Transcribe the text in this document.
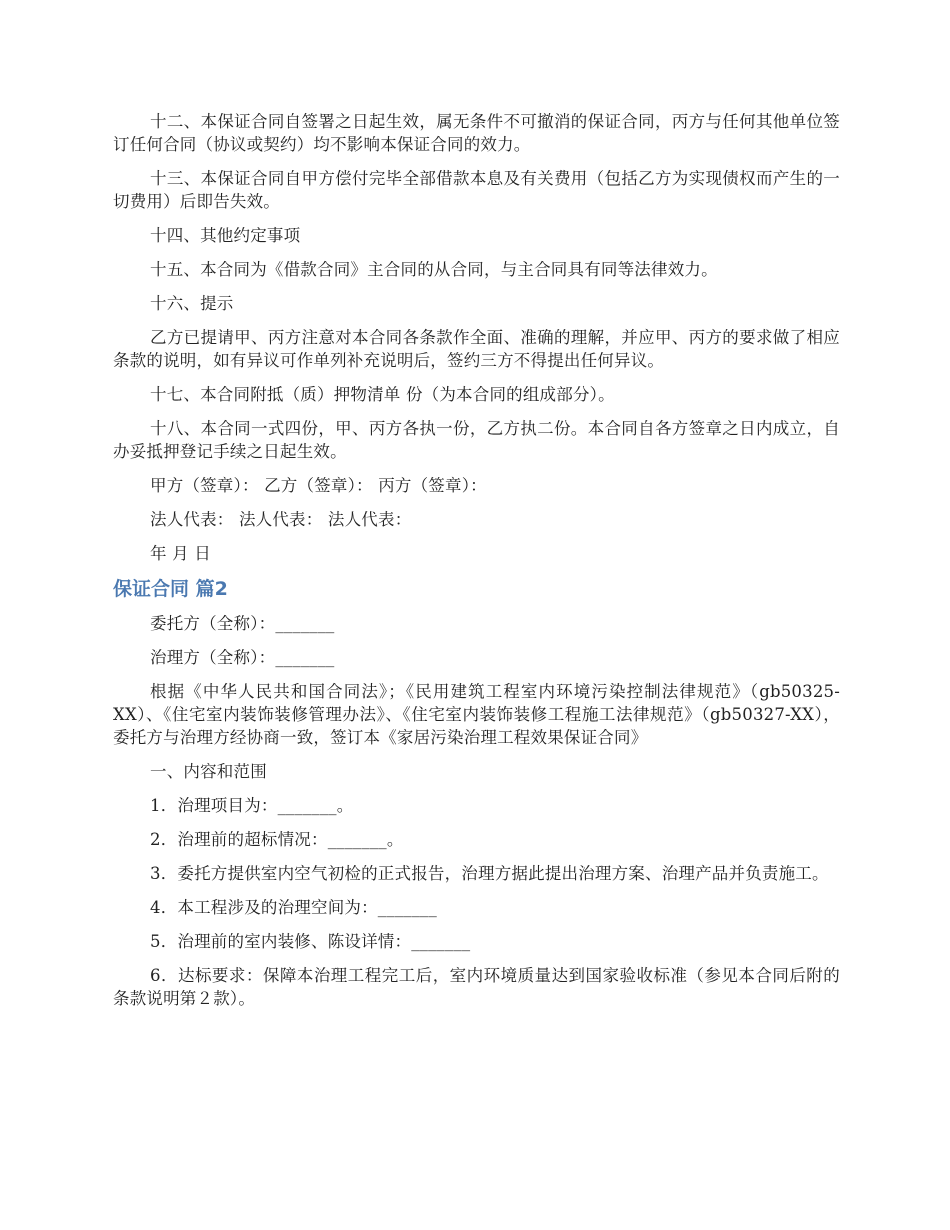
十二、本保证合同自签署之日起生效，属无条件不可撤消的保证合同，丙方与任何其他单位签订任何合同（协议或契约）均不影响本保证合同的效力。

十三、本保证合同自甲方偿付完毕全部借款本息及有关费用（包括乙方为实现债权而产生的一切费用）后即告失效。

十四、其他约定事项

十五、本合同为《借款合同》主合同的从合同，与主合同具有同等法律效力。

十六、提示

乙方已提请甲、丙方注意对本合同各条款作全面、准确的理解，并应甲、丙方的要求做了相应条款的说明，如有异议可作单列补充说明后，签约三方不得提出任何异议。

十七、本合同附抵（质）押物清单 份（为本合同的组成部分）。

十八、本合同一式四份，甲、丙方各执一份，乙方执二份。本合同自各方签章之日内成立，自办妥抵押登记手续之日起生效。

甲方（签章）： 乙方（签章）： 丙方（签章）：

法人代表： 法人代表： 法人代表：

年 月 日

保证合同 篇2

委托方（全称）：_______

治理方（全称）：_______

根据《中华人民共和国合同法》；《民用建筑工程室内环境污染控制法律规范》（gb50325-XX）、《住宅室内装饰装修管理办法》、《住宅室内装饰装修工程施工法律规范》（gb50327-XX），委托方与治理方经协商一致，签订本《家居污染治理工程效果保证合同》

一、内容和范围

1．治理项目为：_______。

2．治理前的超标情况：_______。

3．委托方提供室内空气初检的正式报告，治理方据此提出治理方案、治理产品并负责施工。

4．本工程涉及的治理空间为：_______

5．治理前的室内装修、陈设详情：_______

6．达标要求：保障本治理工程完工后，室内环境质量达到国家验收标准（参见本合同后附的条款说明第２款）。
